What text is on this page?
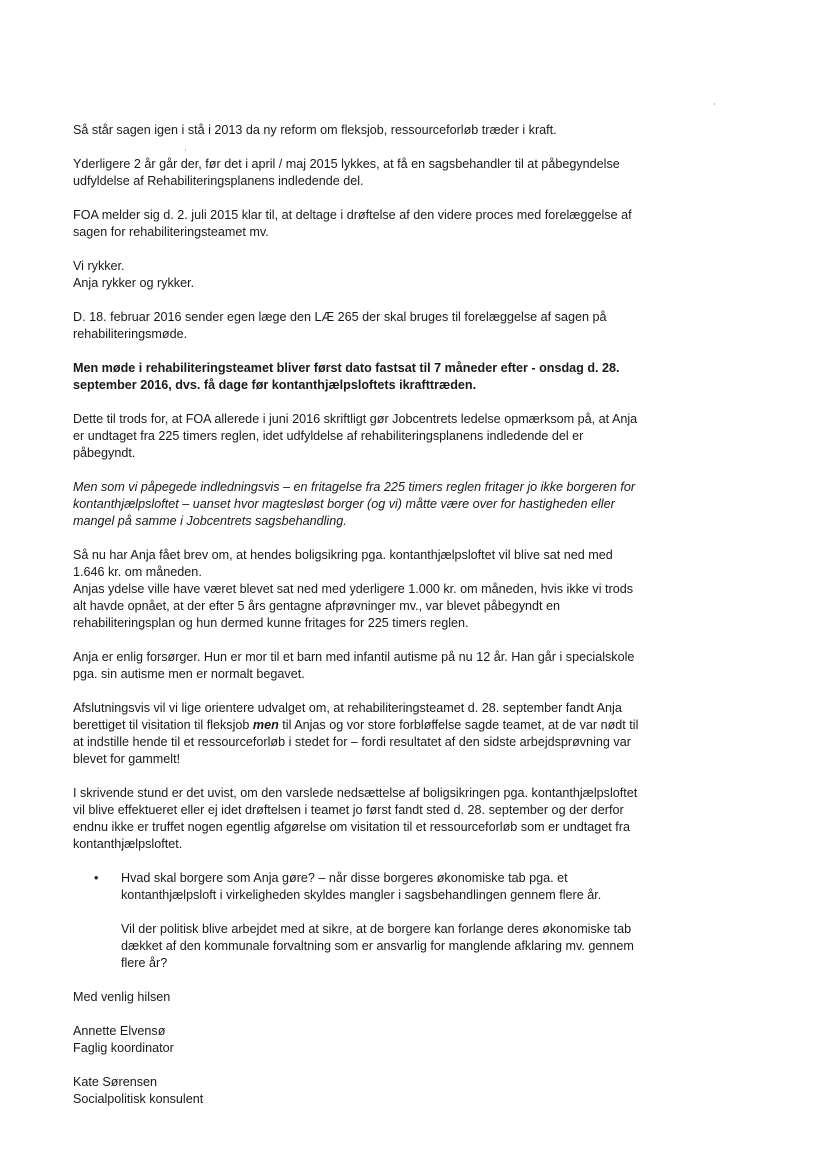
Så står sagen igen i stå i 2013 da ny reform om fleksjob, ressourceforløb træder i kraft.

Yderligere 2 år går der, før det i april / maj 2015 lykkes, at få en sagsbehandler til at påbegyndelse udfyldelse af Rehabiliteringsplanens indledende del.

FOA melder sig d. 2. juli 2015 klar til, at deltage i drøftelse af den videre proces med forelæggelse af sagen for rehabiliteringsteamet mv.

Vi rykker.

Anja rykker og rykker.

D. 18. februar 2016 sender egen læge den LÆ 265 der skal bruges til forelæggelse af sagen på rehabiliteringsmøde.

Men møde i rehabiliteringsteamet bliver først dato fastsat til 7 måneder efter - onsdag d. 28. september 2016, dvs. få dage før kontanthjælpsloftets ikrafttræden.

Dette til trods for, at FOA allerede i juni 2016 skriftligt gør Jobcentrets ledelse opmærksom på, at Anja er undtaget fra 225 timers reglen, idet udfyldelse af rehabiliteringsplanens indledende del er påbegyndt.

Men som vi påpegede indledningsvis – en fritagelse fra 225 timers reglen fritager jo ikke borgeren for kontanthjælpsloftet – uanset hvor magtesløst borger (og vi) måtte være over for hastigheden eller mangel på samme i Jobcentrets sagsbehandling.

Så nu har Anja fået brev om, at hendes boligsikring pga. kontanthjælpsloftet vil blive sat ned med 1.646 kr. om måneden.

Anjas ydelse ville have været blevet sat ned med yderligere 1.000 kr. om måneden, hvis ikke vi trods alt havde opnået, at der efter 5 års gentagne afprøvninger mv., var blevet påbegyndt en rehabiliteringsplan og hun dermed kunne fritages for 225 timers reglen.

Anja er enlig forsørger. Hun er mor til et barn med infantil autisme på nu 12 år. Han går i specialskole pga. sin autisme men er normalt begavet.

Afslutningsvis vil vi lige orientere udvalget om, at rehabiliteringsteamet d. 28. september fandt Anja berettiget til visitation til fleksjob men til Anjas og vor store forbløffelse sagde teamet, at de var nødt til at indstille hende til et ressourceforløb i stedet for – fordi resultatet af den sidste arbejdsprøvning var blevet for gammelt!

I skrivende stund er det uvist, om den varslede nedsættelse af boligsikringen pga. kontanthjælpsloftet vil blive effektueret eller ej idet drøftelsen i teamet jo først fandt sted d. 28. september og der derfor endnu ikke er truffet nogen egentlig afgørelse om visitation til et ressourceforløb som er undtaget fra kontanthjælpsloftet.

• Hvad skal borgere som Anja gøre? – når disse borgeres økonomiske tab pga. et kontanthjælpsloft i virkeligheden skyldes mangler i sagsbehandlingen gennem flere år.

Vil der politisk blive arbejdet med at sikre, at de borgere kan forlange deres økonomiske tab dækket af den kommunale forvaltning som er ansvarlig for manglende afklaring mv. gennem flere år?

Med venlig hilsen

Annette Elvensø

Faglig koordinator

Kate Sørensen

Socialpolitisk konsulent
